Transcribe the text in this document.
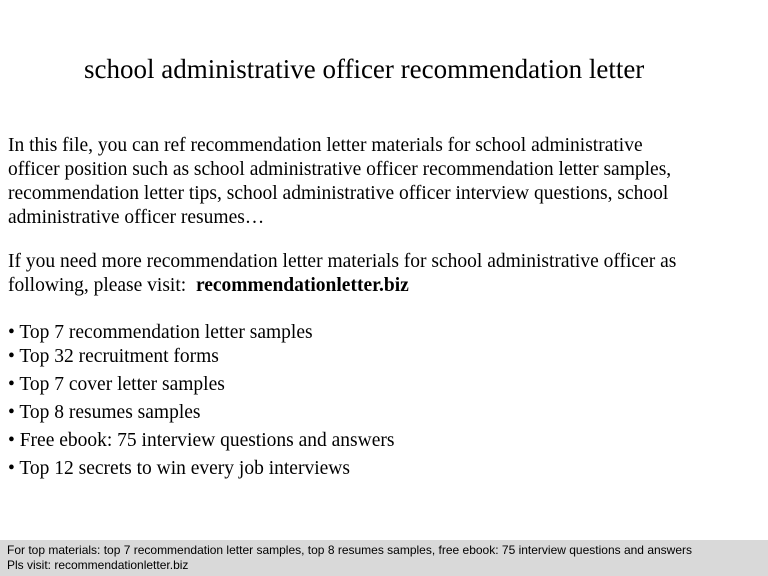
school administrative officer recommendation letter
In this file, you can ref recommendation letter materials for school administrative
officer position such as school administrative officer recommendation letter samples,
recommendation letter tips, school administrative officer interview questions, school
administrative officer resumes…
If you need more recommendation letter materials for school administrative officer as
following, please visit:  recommendationletter.biz
• Top 7 recommendation letter samples
• Top 32 recruitment forms
• Top 7 cover letter samples
• Top 8 resumes samples
• Free ebook: 75 interview questions and answers
• Top 12 secrets to win every job interviews
For top materials: top 7 recommendation letter samples, top 8 resumes samples, free ebook: 75 interview questions and answers
Pls visit: recommendationletter.biz
